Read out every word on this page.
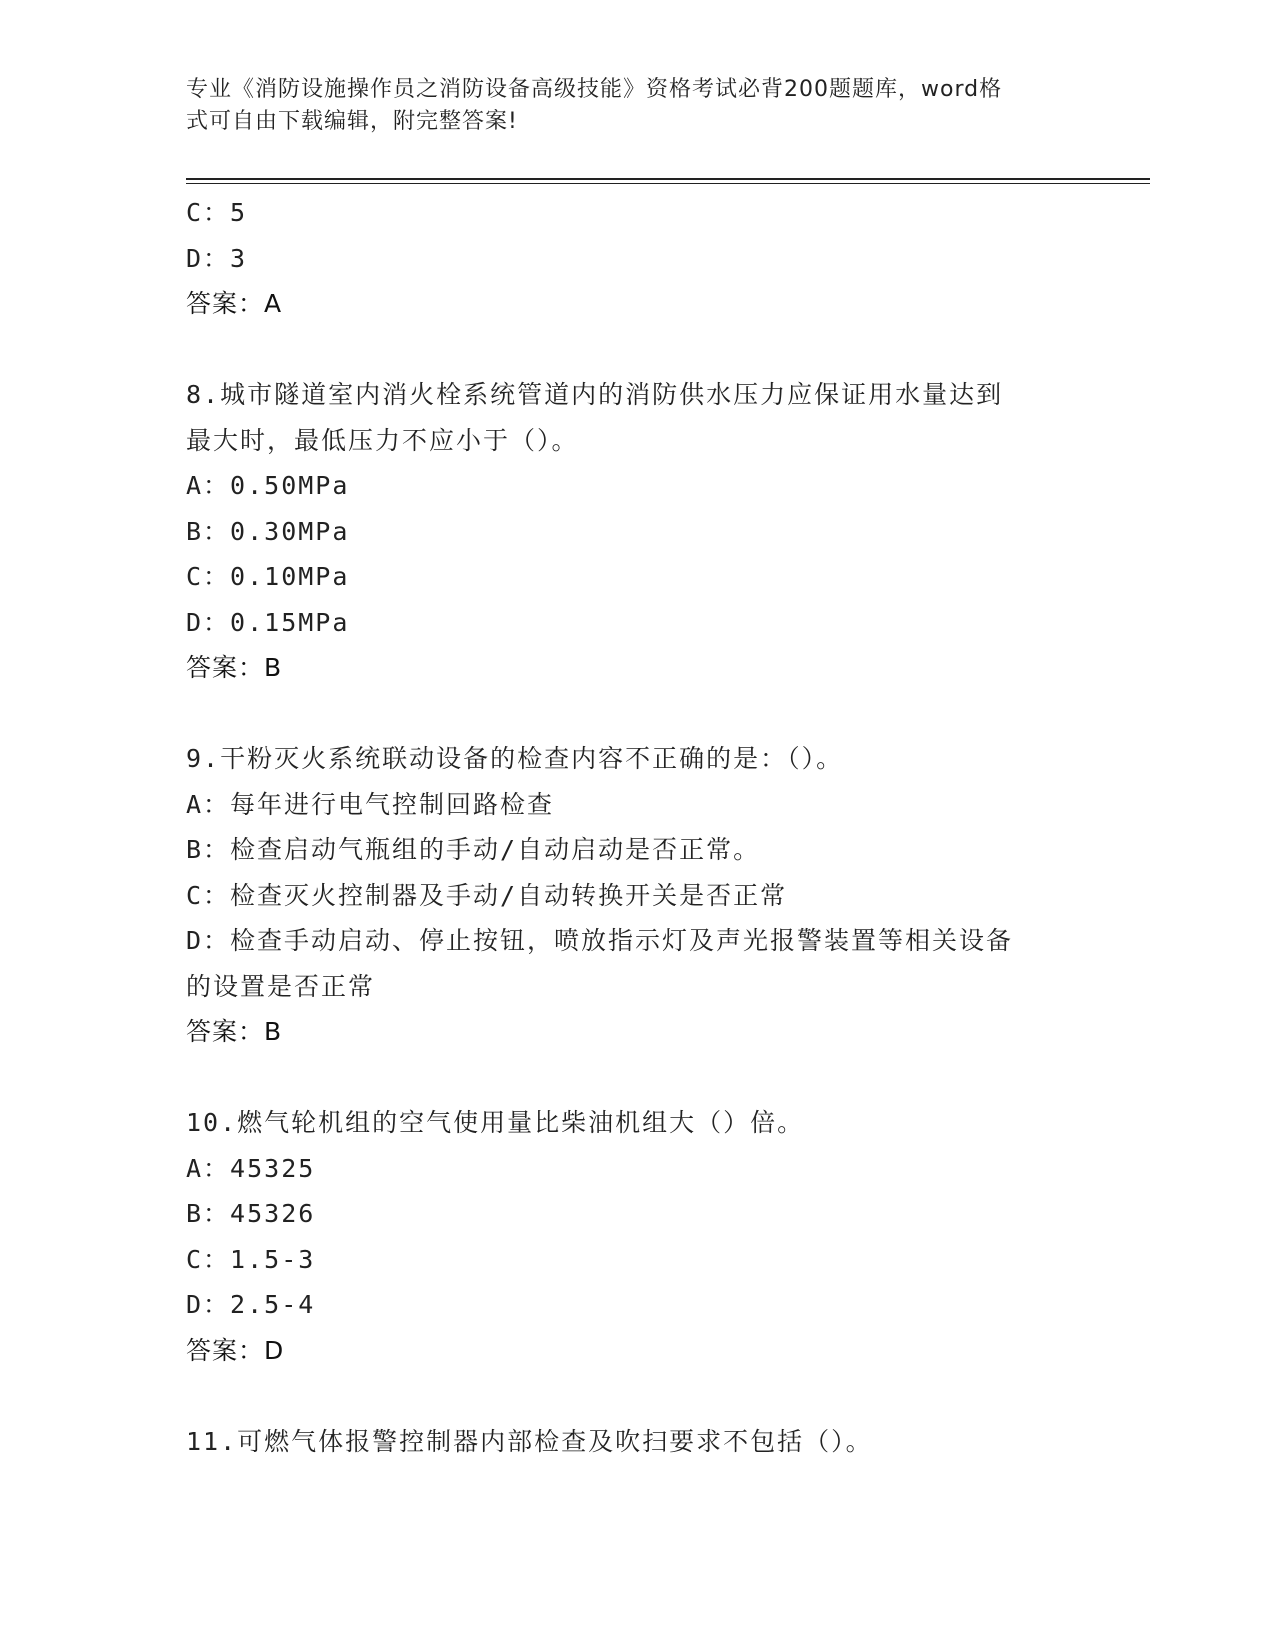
专业《消防设施操作员之消防设备高级技能》资格考试必背200题题库，word格
式可自由下载编辑，附完整答案!
C：5
D：3
答案：A
8.城市隧道室内消火栓系统管道内的消防供水压力应保证用水量达到
最大时，最低压力不应小于（）。
A：0.50MPa
B：0.30MPa
C：0.10MPa
D：0.15MPa
答案：B
9.干粉灭火系统联动设备的检查内容不正确的是：（）。
A：每年进行电气控制回路检查
B：检查启动气瓶组的手动/自动启动是否正常。
C：检查灭火控制器及手动/自动转换开关是否正常
D：检查手动启动、停止按钮，喷放指示灯及声光报警装置等相关设备
的设置是否正常
答案：B
10.燃气轮机组的空气使用量比柴油机组大（）倍。
A：45325
B：45326
C：1.5-3
D：2.5-4
答案：D
11.可燃气体报警控制器内部检查及吹扫要求不包括（）。
